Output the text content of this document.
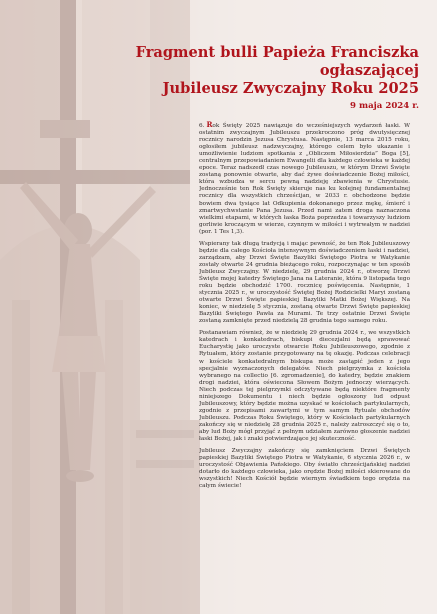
Fragment bulli Papieża Franciszka ogłaszającej
Jubileusz Zwyczajny Roku 2025
9 maja 2024 r.

6. Rok Święty 2025 nawiązuje do wcześniejszych wydarzeń łaski. W ostatnim zwyczajnym Jubileuszu przekroczono próg dwutysięcznej rocznicy narodzin Jezusa Chrystusa. Następnie, 13 marca 2015 roku, ogłosiłem jubileusz nadzwyczajny, którego celem było ukazanie i umożliwienie ludziom spotkania z „Obliczem Miłosierdzia” Boga [5], centralnym przepowiadaniem Ewangelii dla każdego człowieka w każdej epoce. Teraz nadszedł czas nowego Jubileuszu, w którym Drzwi Święte zostaną ponownie otwarte, aby dać żywe doświadczenie Bożej miłości, która wzbudza w sercu pewną nadzieję zbawienia w Chrystusie. Jednocześnie ten Rok Święty skieruje nas ku kolejnej fundamentalnej rocznicy dla wszystkich chrześcijan, w 2033 r. obchodzone będzie bowiem dwa tysiące lat Odkupienia dokonanego przez mękę, śmierć i zmartwychwstanie Pana Jezusa. Przed nami zatem droga naznaczona wielkimi etapami, w których łaska Boża poprzedza i towarzyszy ludziom gorliwie kroczącym w wierze, czynnym w miłości i wytrwałym w nadziei (por. 1 Tes 1,3).

Wspierany tak długą tradycją i mając pewność, że ten Rok Jubileuszowy będzie dla całego Kościoła intensywnym doświadczeniem łaski i nadziei, zarządzam, aby Drzwi Święte Bazyliki Świętego Piotra w Watykanie zostały otwarte 24 grudnia bieżącego roku, rozpoczynając w ten sposób Jubileusz Zwyczajny. W niedzielę, 29 grudnia 2024 r., otworzę Drzwi Święte mojej katedry Świętego Jana na Lateranie, która 9 listopada tego roku będzie obchodzić 1700. rocznicę poświęcenia. Następnie, 1 stycznia 2025 r., w uroczystość Świętej Bożej Rodzicielki Maryi zostaną otwarte Drzwi Święte papieskiej Bazyliki Matki Bożej Większej. Na koniec, w niedzielę 5 stycznia, zostaną otwarte Drzwi Święte papieskiej Bazyliki Świętego Pawła za Murami. Te trzy ostatnie Drzwi Święte zostaną zamknięte przed niedzielą 28 grudnia tego samego roku.

Postanawiam również, że w niedzielę 29 grudnia 2024 r., we wszystkich katedrach i konkatedrach, biskupi diecezjalni będą sprawować Eucharystię jako uroczyste otwarcie Roku Jubileuszowego, zgodnie z Rytuałem, który zostanie przygotowany na tę okazję. Podczas celebracji w kościele konkatedralnym biskupa może zastąpić jeden z jego specjalnie wyznaczonych delegatów. Niech pielgrzymka z kościoła wybranego na collectio [6. zgromadzenie], do katedry, będzie znakiem drogi nadziei, która oświecona Słowem Bożym jednoczy wierzących. Niech podczas tej pielgrzymki odczytywane będą niektóre fragmenty niniejszego Dokumentu i niech będzie ogłoszony lud odpust Jubileuszowy, który będzie można uzyskać w kościołach partykularnych, zgodnie z przepisami zawartymi w tym samym Rytuale obchodów Jubileuszu. Podczas Roku Świętego, który w Kościołach partykularnych zakończy się w niedzielę 28 grudnia 2025 r., należy zatroszczyć się o to, aby lud Boży mógł przyjąć z pełnym udziałem zarówno głoszenie nadziei łaski Bożej, jak i znaki potwierdzające jej skuteczność.

Jubileusz Zwyczajny zakończy się zamknięciem Drzwi Świętych papieskiej Bazyliki Świętego Piotra w Watykanie, 6 stycznia 2026 r., w uroczystość Objawienia Pańskiego. Oby światło chrześcijańskiej nadziei dotarło do każdego człowieka, jako orędzie Bożej miłości skierowane do wszystkich! Niech Kościół będzie wiernym świadkiem tego orędzia na całym świecie!
